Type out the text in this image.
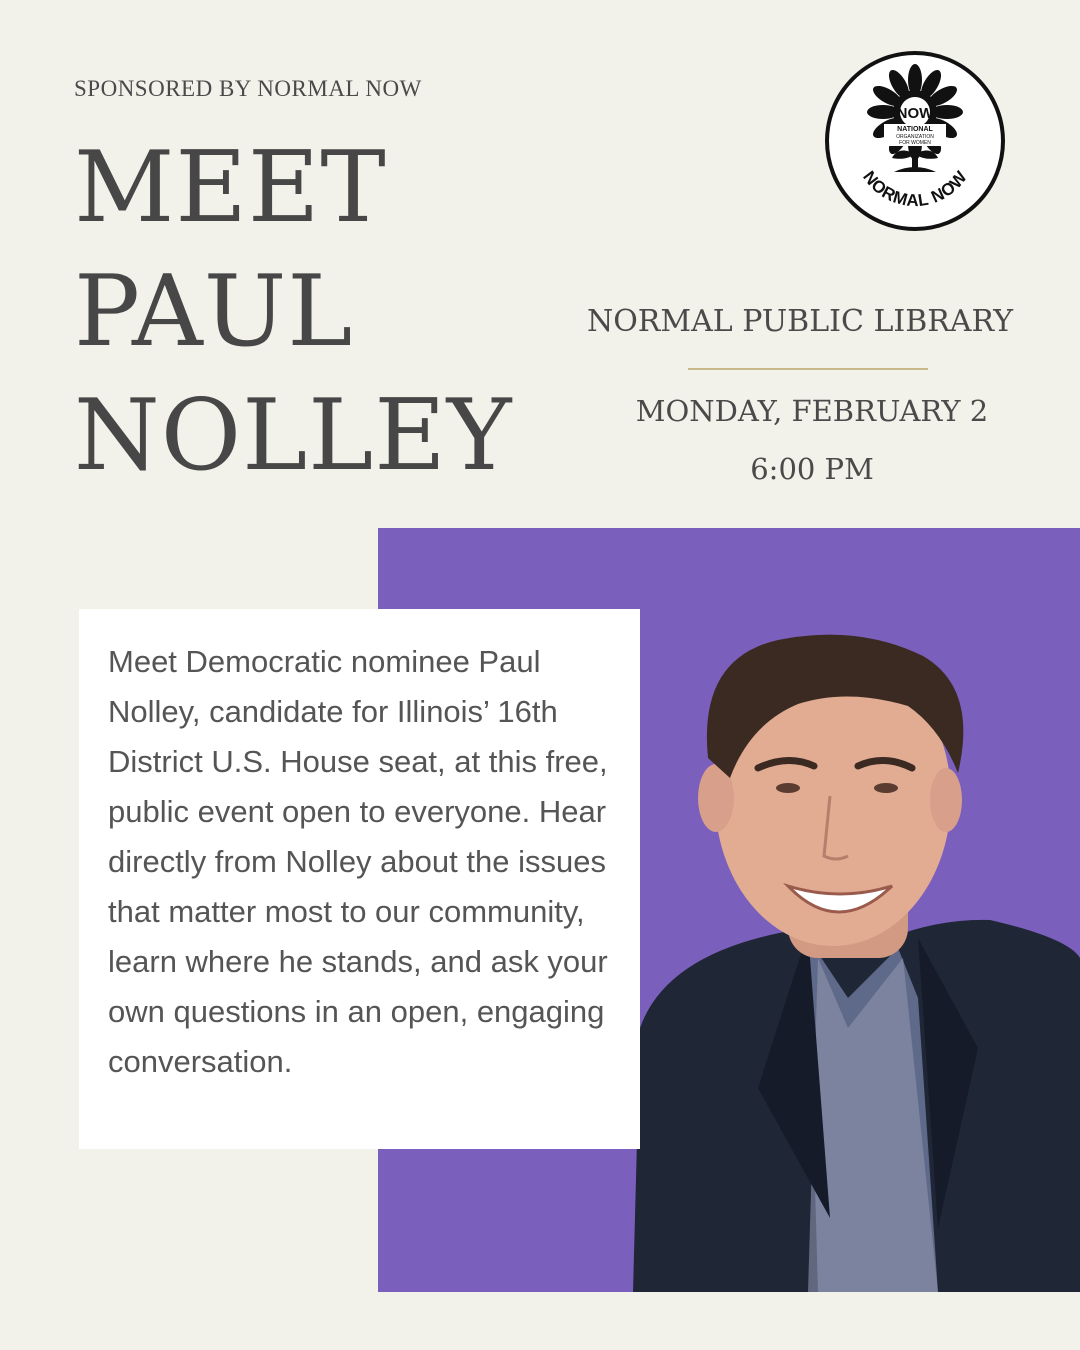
SPONSORED BY NORMAL NOW
MEET
PAUL
NOLLEY
NOW
NATIONAL
ORGANIZATION
FOR WOMEN
NORMAL NOW
NORMAL PUBLIC LIBRARY
MONDAY, FEBRUARY 2
6:00 PM

Meet Democratic nominee Paul Nolley, candidate for Illinois’ 16th District U.S. House seat, at this free, public event open to everyone. Hear directly from Nolley about the issues that matter most to our community, learn where he stands, and ask your own questions in an open, engaging conversation.
